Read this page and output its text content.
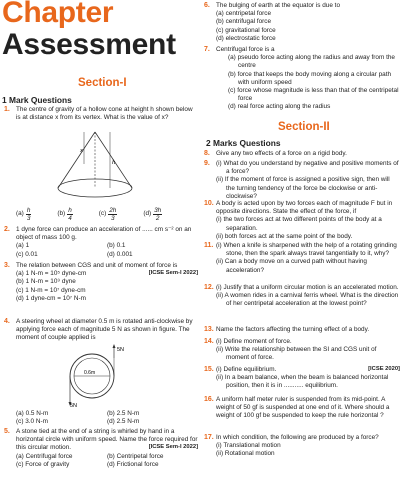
Chapter
Assessment
Section-I
1 Mark Questions
1. The centre of gravity of a hollow cone at height h shown below is at distance x from its vertex. What is the value of x?
h
x
(a) h
3
(b) h
4
(c) 2h
3
(d) 3h
2
2. 1 dyne force can produce an acceleration of ...... cm s⁻² on an object of mass 100 g.
(a) 1	(b) 0.1
(c) 0.01	(d) 0.001
3. The relation between CGS and unit of moment of force is
[ICSE Sem-I 2022]
(a) 1 N-m = 10⁵ dyne-cm
(b) 1 N-m = 10⁹ dyne
(c) 1 N-m = 10⁷ dyne-cm
(d) 1 dyne-cm = 10⁷ N-m
4. A steering wheel at diameter 0.5 m is rotated anti-clockwise by applying force each of magnitude 5 N as shown in figure. The moment of couple applied is
5N
5N
0.6m
(a) 0.5 N-m	(b) 2.5 N-m
(c) 3.0 N-m	(d) 2.5 N-m
5. A stone tied at the end of a string is whirled by hand in a horizontal circle with uniform speed. Name the force required for this circular motion.	[ICSE Sem-I 2022]
(a) Centrifugal force	(b) Centripetal force
(c) Force of gravity	(d) Frictional force
6. The bulging of earth at the equator is due to
(a) centripetal force
(b) centrifugal force
(c) gravitational force
(d) electrostatic force
7. Centrifugal force is a
(a) pseudo force acting along the radius and away from the centre
(b) force that keeps the body moving along a circular path with uniform speed
(c) force whose magnitude is less than that of the centripetal force
(d) real force acting along the radius
Section-II
2 Marks Questions
8. Give any two effects of a force on a rigid body.
9. (i) What do you understand by negative and positive moments of a force?
(ii) If the moment of force is assigned a positive sign, then will the turning tendency of the force be clockwise or anti-clockwise?
10. A body is acted upon by two forces each of magnitude F but in opposite directions. State the effect of the force, if
(i) the two forces act at two different points of the body at a separation.
(ii) both forces act at the same point of the body.
11. (i) When a knife is sharpened with the help of a rotating grinding stone, then the spark always travel tangentially to it, why?
(ii) Can a body move on a curved path without having acceleration?
12. (i) Justify that a uniform circular motion is an accelerated motion.
(ii) A women rides in a carnival ferris wheel. What is the direction of her centripetal acceleration at the lowest point?
13. Name the factors affecting the turning effect of a body.
14. (i) Define moment of force.
(ii) Write the relationship between the SI and CGS unit of moment of force.
15. (i) Define equilibrium.	[ICSE 2020]
(ii) In a beam balance, when the beam is balanced horizontal position, then it is in ........... equilibrium.
16. A uniform half meter ruler is suspended from its mid-point. A weight of 50 gf is suspended at one end of it. Where should a weight of 100 gf be suspended to keep the rule horizontal ?
17. In which condition, the following are produced by a force?
(i) Translational motion
(ii) Rotational motion
